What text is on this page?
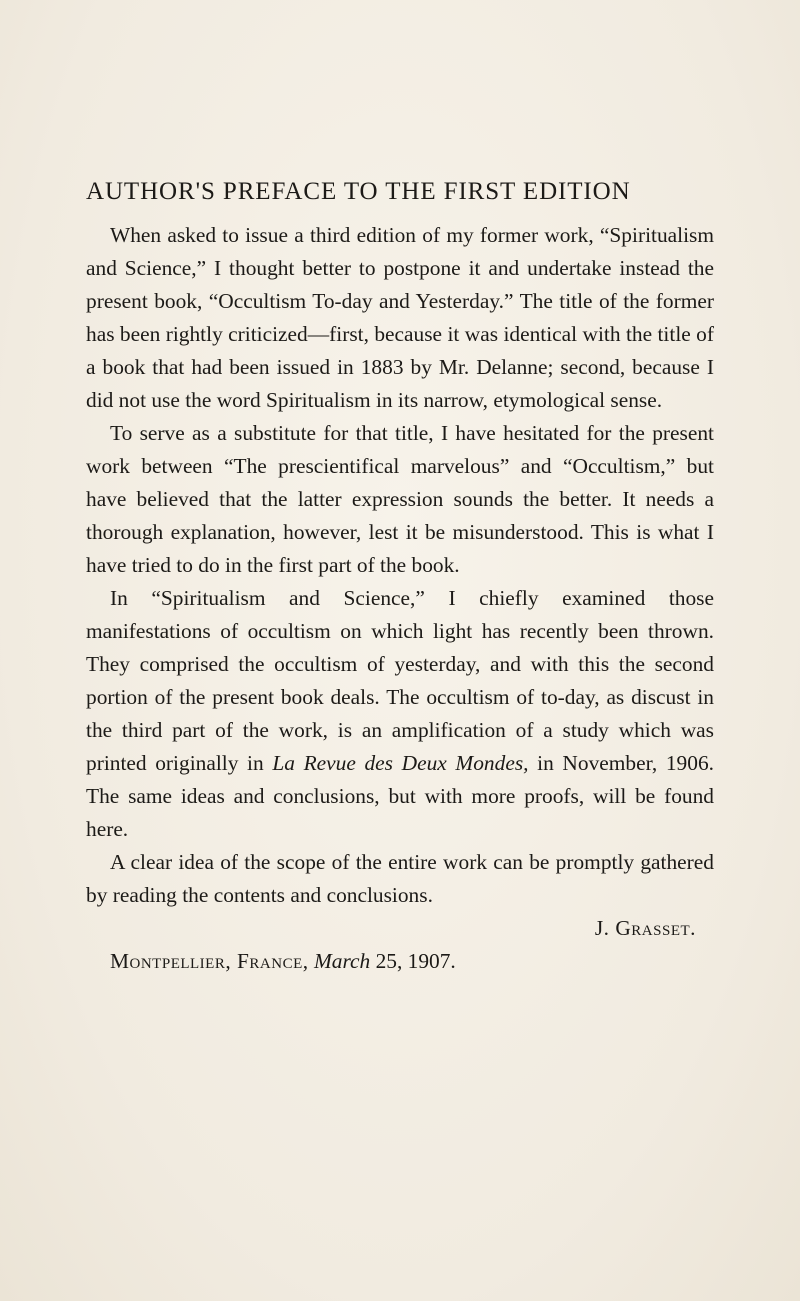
AUTHOR'S PREFACE TO THE FIRST EDITION

When asked to issue a third edition of my former work, “Spiritualism and Science,” I thought better to postpone it and undertake instead the present book, “Occultism To-day and Yesterday.” The title of the former has been rightly criticized—first, because it was identical with the title of a book that had been issued in 1883 by Mr. Delanne; second, because I did not use the word Spiritualism in its narrow, etymological sense.

To serve as a substitute for that title, I have hesitated for the present work between “The prescientifical marvelous” and “Occultism,” but have believed that the latter expression sounds the better. It needs a thorough explanation, however, lest it be misunderstood. This is what I have tried to do in the first part of the book.

In “Spiritualism and Science,” I chiefly examined those manifestations of occultism on which light has recently been thrown. They comprised the occultism of yesterday, and with this the second portion of the present book deals. The occultism of to-day, as discust in the third part of the work, is an amplification of a study which was printed originally in La Revue des Deux Mondes, in November, 1906. The same ideas and conclusions, but with more proofs, will be found here.

A clear idea of the scope of the entire work can be promptly gathered by reading the contents and conclusions.

J. Grasset.

Montpellier, France, March 25, 1907.
